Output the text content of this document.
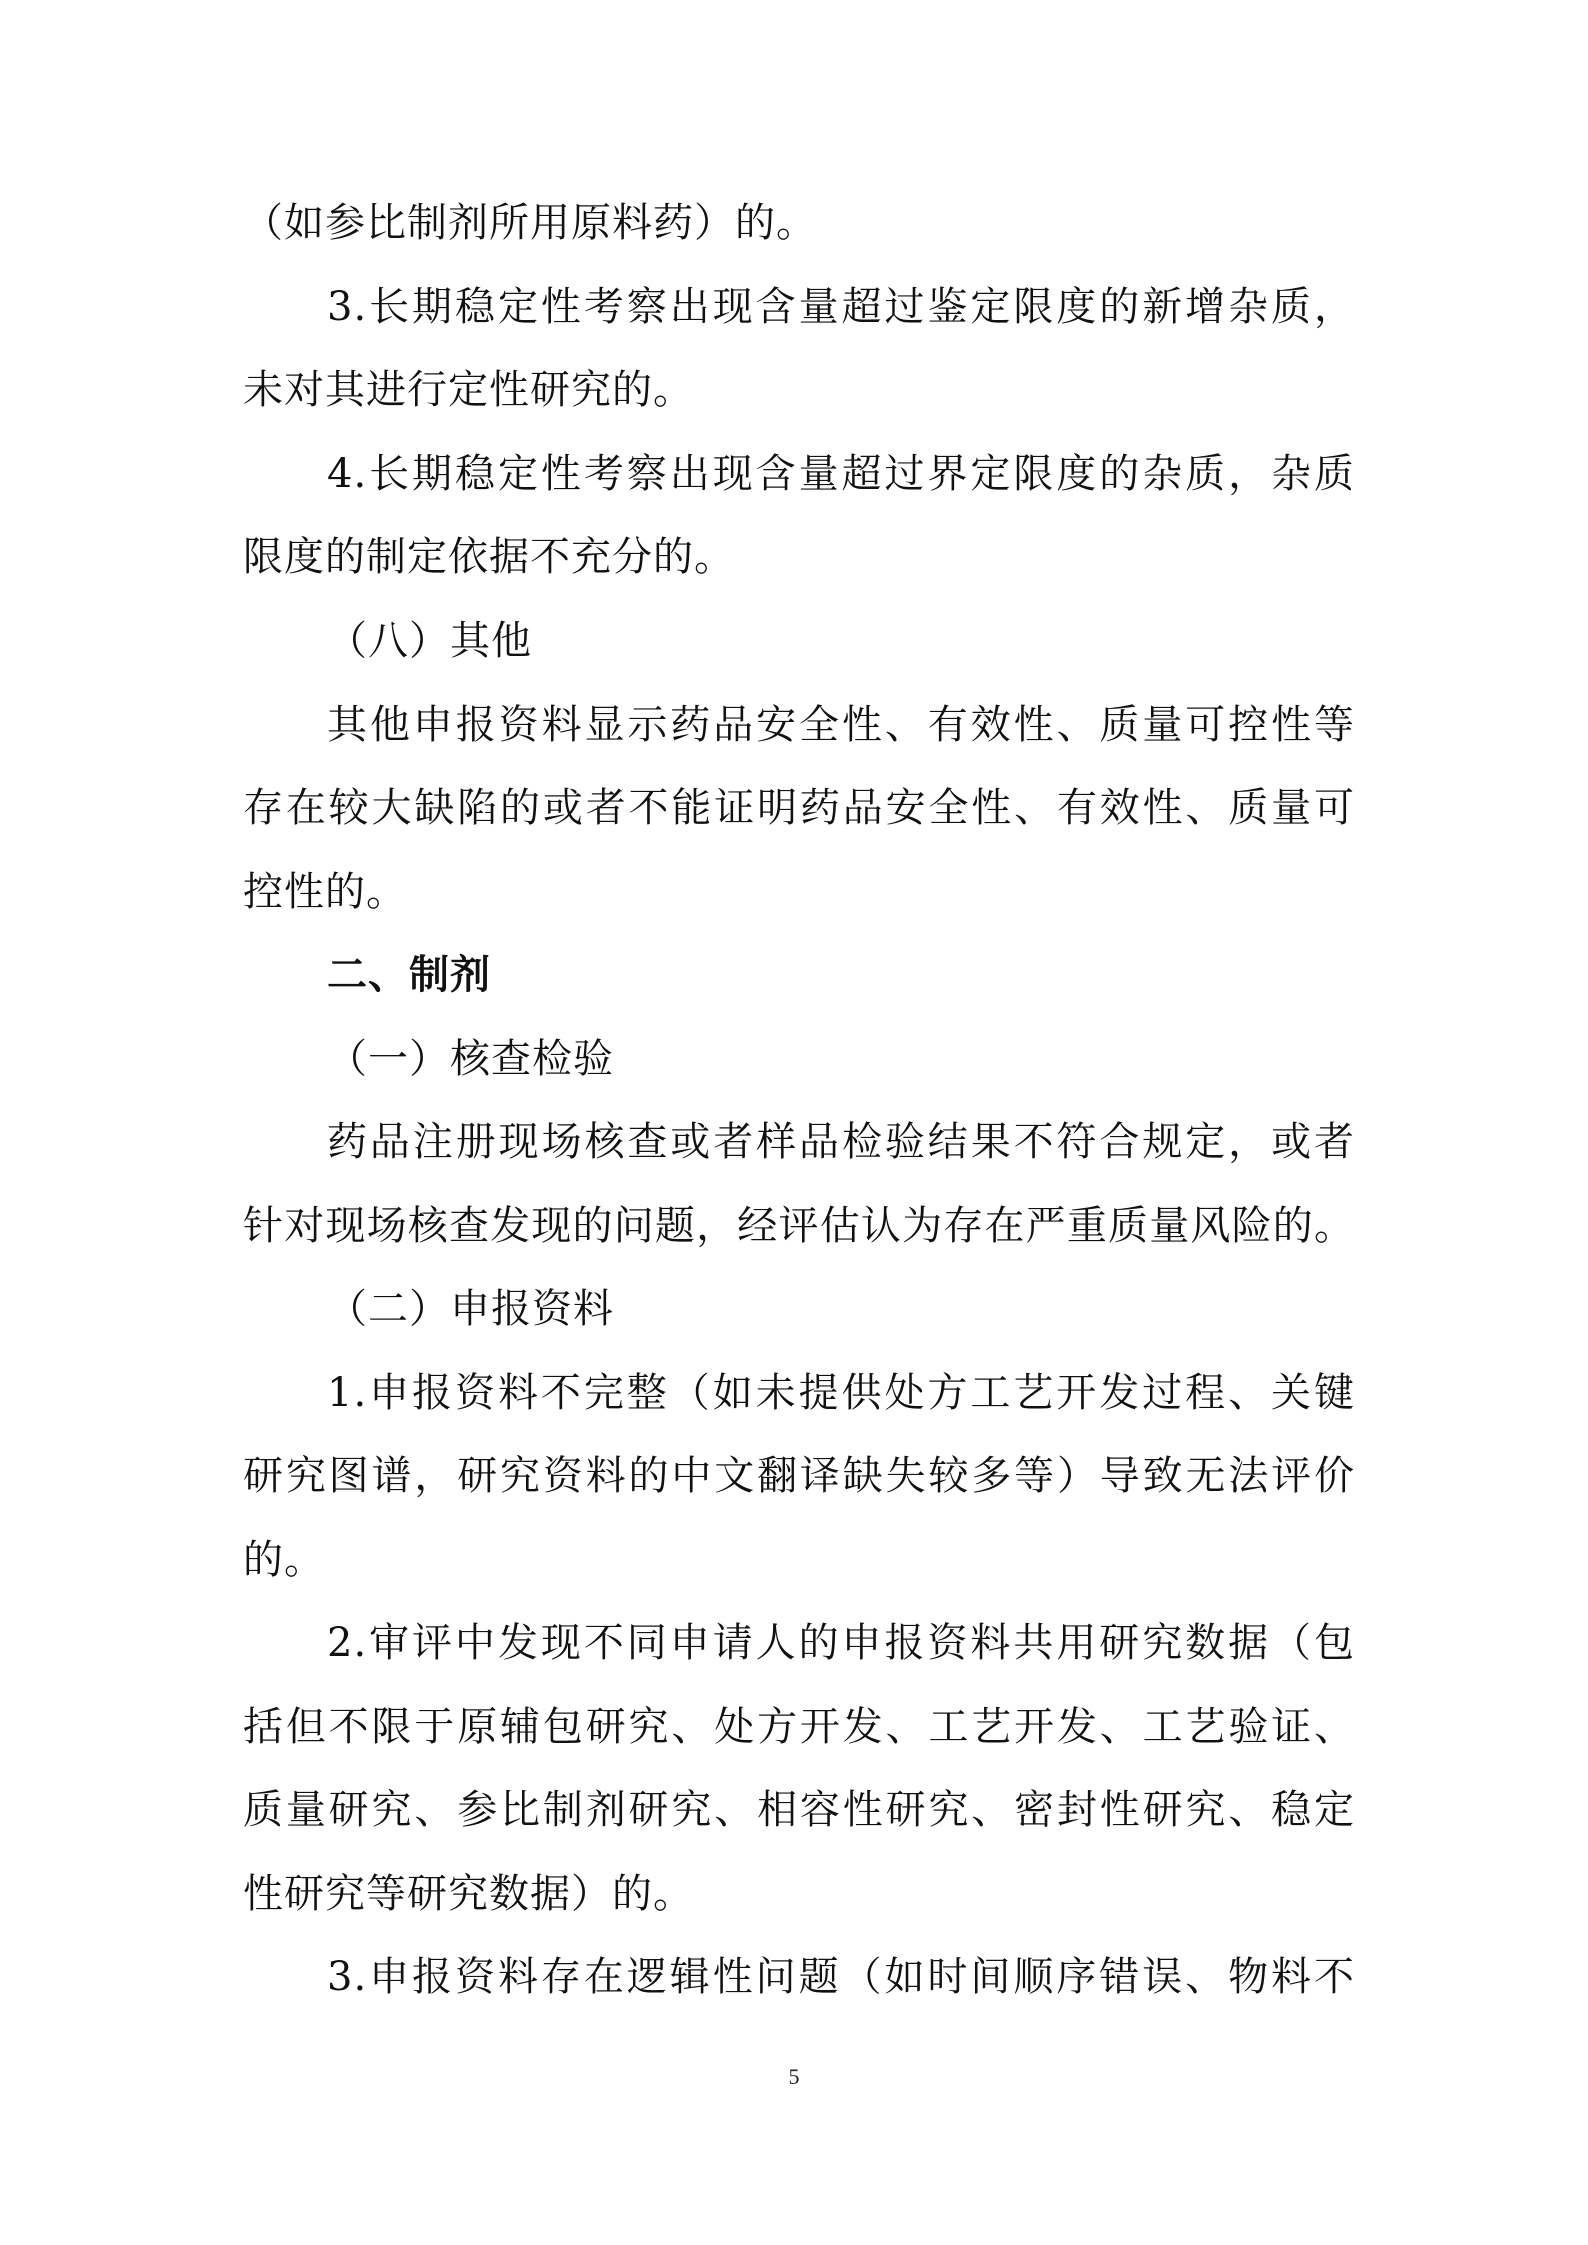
（如参比制剂所用原料药）的。
3.长期稳定性考察出现含量超过鉴定限度的新增杂质，
未对其进行定性研究的。
4.长期稳定性考察出现含量超过界定限度的杂质，杂质
限度的制定依据不充分的。
（八）其他
其他申报资料显示药品安全性、有效性、质量可控性等
存在较大缺陷的或者不能证明药品安全性、有效性、质量可
控性的。
二、制剂
（一）核查检验
药品注册现场核查或者样品检验结果不符合规定，或者
针对现场核查发现的问题，经评估认为存在严重质量风险的。
（二）申报资料
1.申报资料不完整（如未提供处方工艺开发过程、关键
研究图谱，研究资料的中文翻译缺失较多等）导致无法评价
的。
2.审评中发现不同申请人的申报资料共用研究数据（包
括但不限于原辅包研究、处方开发、工艺开发、工艺验证、
质量研究、参比制剂研究、相容性研究、密封性研究、稳定
性研究等研究数据）的。
3.申报资料存在逻辑性问题（如时间顺序错误、物料不
5
